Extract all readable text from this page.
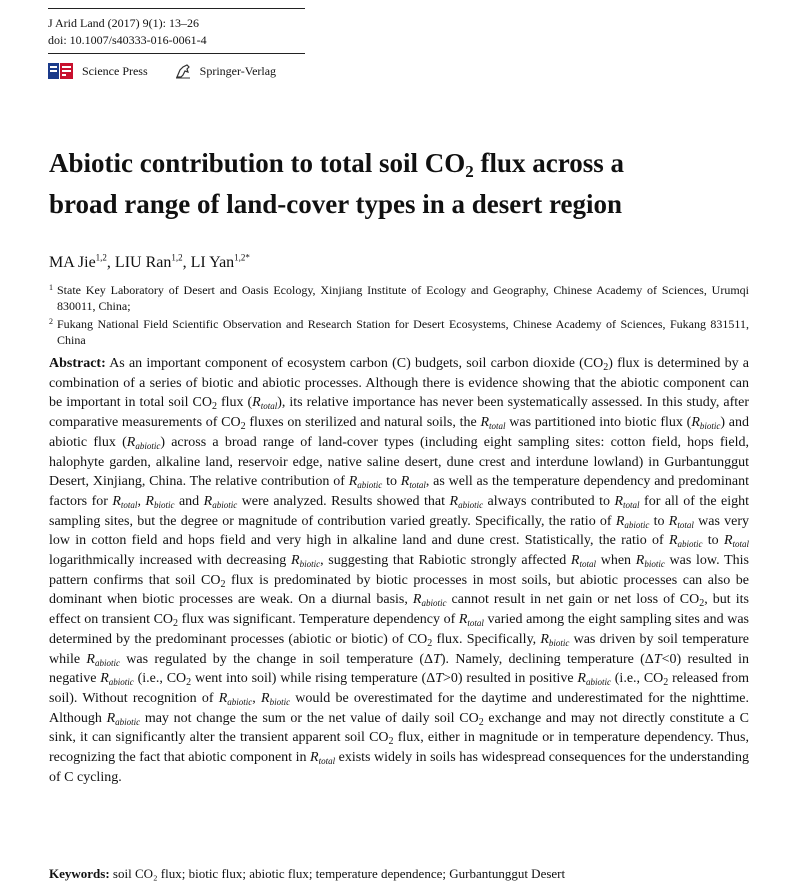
J Arid Land (2017) 9(1): 13–26
doi: 10.1007/s40333-016-0061-4
Science Press	Springer-Verlag
Abiotic contribution to total soil CO2 flux across a
broad range of land-cover types in a desert region
MA Jie$^{1,2}$, LIU Ran$^{1,2}$, LI Yan$^{1,2*}$
1 State Key Laboratory of Desert and Oasis Ecology, Xinjiang Institute of Ecology and Geography, Chinese Academy of Sciences, Urumqi 830011, China;
2 Fukang National Field Scientific Observation and Research Station for Desert Ecosystems, Chinese Academy of Sciences, Fukang 831511, China
Abstract: As an important component of ecosystem carbon (C) budgets, soil carbon dioxide $(CO_2)$ flux is determined by a combination of a series of biotic and abiotic processes. Although there is evidence showing that the abiotic component can be important in total soil $CO_2$ flux $(R_{total})$, its relative importance has never been systematically assessed. In this study, after comparative measurements of $CO_2$ fluxes on sterilized and natural soils, the $R_{total}$ was partitioned into biotic flux $(R_{biotic})$ and abiotic flux $(R_{abiotic})$ across a broad range of land-cover types (including eight sampling sites: cotton field, hops field, halophyte garden, alkaline land, reservoir edge, native saline desert, dune crest and interdune lowland) in Gurbantunggut Desert, Xinjiang, China. The relative contribution of $R_{abiotic}$ to $R_{total}$, as well as the temperature dependency and predominant factors for $R_{total}$, $R_{biotic}$ and $R_{abiotic}$ were analyzed. Results showed that $R_{abiotic}$ always contributed to $R_{total}$ for all of the eight sampling sites, but the degree or magnitude of contribution varied greatly. Specifically, the ratio of $R_{abiotic}$ to $R_{total}$ was very low in cotton field and hops field and very high in alkaline land and dune crest. Statistically, the ratio of $R_{abiotic}$ to $R_{total}$ logarithmically increased with decreasing $R_{biotic}$, suggesting that Rabiotic strongly affected $R_{total}$ when $R_{biotic}$ was low. This pattern confirms that soil $CO_2$ flux is predominated by biotic processes in most soils, but abiotic processes can also be dominant when biotic processes are weak. On a diurnal basis, $R_{abiotic}$ cannot result in net gain or net loss of $CO_2$, but its effect on transient $CO_2$ flux was significant. Temperature dependency of $R_{total}$ varied among the eight sampling sites and was determined by the predominant processes (abiotic or biotic) of $CO_2$ flux. Specifically, $R_{biotic}$ was driven by soil temperature while $R_{abiotic}$ was regulated by the change in soil temperature (ΔT). Namely, declining temperature (ΔT<0) resulted in negative $R_{abiotic}$ (i.e., $CO_2$ went into soil) while rising temperature (ΔT>0) resulted in positive $R_{abiotic}$ (i.e., $CO_2$ released from soil). Without recognition of $R_{abiotic}$, $R_{biotic}$ would be overestimated for the daytime and underestimated for the nighttime. Although $R_{abiotic}$ may not change the sum or the net value of daily soil $CO_2$ exchange and may not directly constitute a C sink, it can significantly alter the transient apparent soil $CO_2$ flux, either in magnitude or in temperature dependency. Thus, recognizing the fact that abiotic component in $R_{total}$ exists widely in soils has widespread consequences for the understanding of C cycling.
Keywords: soil CO₂ flux; biotic flux; abiotic flux; temperature dependence; Gurbantunggut Desert
